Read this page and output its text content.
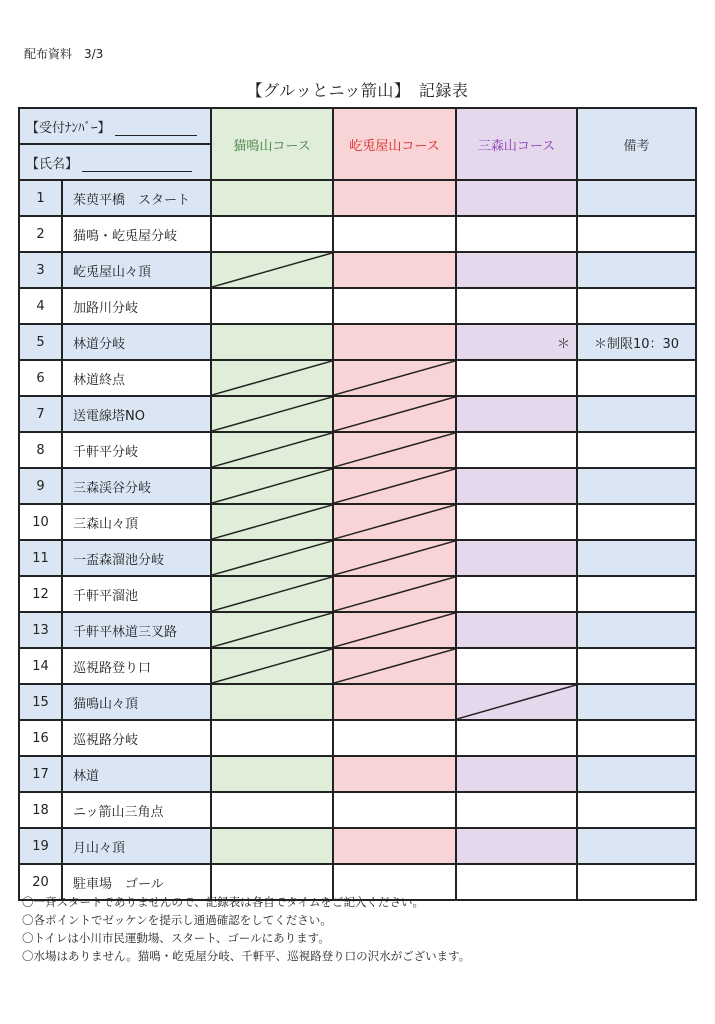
配布資料　3/3
【グルッとニッ箭山】　記録表
【受付ﾅﾝﾊﾞｰ】		猫鳴山コース	屹兎屋山コース	三森山コース	備考
【氏名】					
1	茱萸平橋　スタート				
2	猫鳴・屹兎屋分岐				
3	屹兎屋山々頂	

4	加路川分岐				
5	林道分岐			＊	＊制限10：30
6	林道終点	

7	送電線塔NO	

8	千軒平分岐	

9	三森渓谷分岐	

10	三森山々頂	

11	一盃森溜池分岐	

12	千軒平溜池	

13	千軒平林道三叉路	

14	巡視路登り口	

15	猫鳴山々頂			

16	巡視路分岐				
17	林道				
18	ニッ箭山三角点				
19	月山々頂				
20	駐車場　ゴール				
〇一斉スタートでありませんので、記録表は各自でタイムをご記入ください。
〇各ポイントでゼッケンを提示し通過確認をしてください。
〇トイレは小川市民運動場、スタート、ゴールにあります。
〇水場はありません。猫鳴・屹兎屋分岐、千軒平、巡視路登り口の沢水がございます。
